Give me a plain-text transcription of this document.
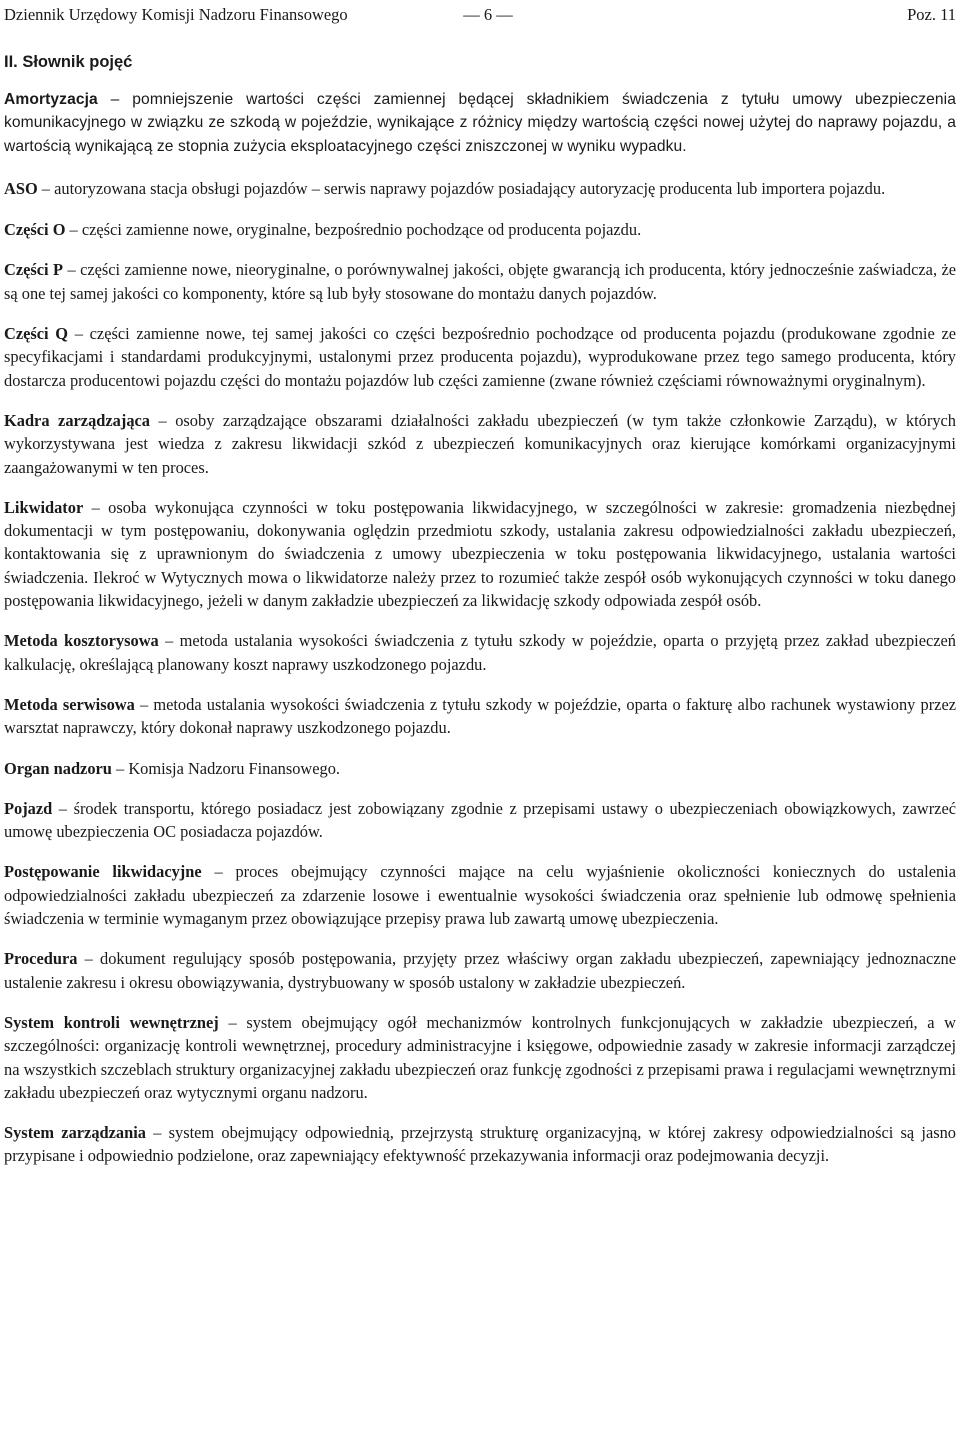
Dziennik Urzędowy Komisji Nadzoru Finansowego	— 6 —	Poz. 11
II. Słownik pojęć

Amortyzacja – pomniejszenie wartości części zamiennej będącej składnikiem świadczenia z tytułu umowy ubezpieczenia komunikacyjnego w związku ze szkodą w pojeździe, wynikające z różnicy między wartością części nowej użytej do naprawy pojazdu, a wartością wynikającą ze stopnia zużycia eksploatacyjnego części zniszczonej w wyniku wypadku.

ASO – autoryzowana stacja obsługi pojazdów – serwis naprawy pojazdów posiadający autoryzację producenta lub importera pojazdu.

Części O – części zamienne nowe, oryginalne, bezpośrednio pochodzące od producenta pojazdu.

Części P – części zamienne nowe, nieoryginalne, o porównywalnej jakości, objęte gwarancją ich producenta, który jednocześnie zaświadcza, że są one tej samej jakości co komponenty, które są lub były stosowane do montażu danych pojazdów.

Części Q – części zamienne nowe, tej samej jakości co części bezpośrednio pochodzące od producenta pojazdu (produkowane zgodnie ze specyfikacjami i standardami produkcyjnymi, ustalonymi przez producenta pojazdu), wyprodukowane przez tego samego producenta, który dostarcza producentowi pojazdu części do montażu pojazdów lub części zamienne (zwane również częściami równoważnymi oryginalnym).

Kadra zarządzająca – osoby zarządzające obszarami działalności zakładu ubezpieczeń (w tym także członkowie Zarządu), w których wykorzystywana jest wiedza z zakresu likwidacji szkód z ubezpieczeń komunikacyjnych oraz kierujące komórkami organizacyjnymi zaangażowanymi w ten proces.

Likwidator – osoba wykonująca czynności w toku postępowania likwidacyjnego, w szczególności w zakresie: gromadzenia niezbędnej dokumentacji w tym postępowaniu, dokonywania oględzin przedmiotu szkody, ustalania zakresu odpowiedzialności zakładu ubezpieczeń, kontaktowania się z uprawnionym do świadczenia z umowy ubezpieczenia w toku postępowania likwidacyjnego, ustalania wartości świadczenia. Ilekroć w Wytycznych mowa o likwidatorze należy przez to rozumieć także zespół osób wykonujących czynności w toku danego postępowania likwidacyjnego, jeżeli w danym zakładzie ubezpieczeń za likwidację szkody odpowiada zespół osób.

Metoda kosztorysowa – metoda ustalania wysokości świadczenia z tytułu szkody w pojeździe, oparta o przyjętą przez zakład ubezpieczeń kalkulację, określającą planowany koszt naprawy uszkodzonego pojazdu.

Metoda serwisowa – metoda ustalania wysokości świadczenia z tytułu szkody w pojeździe, oparta o fakturę albo rachunek wystawiony przez warsztat naprawczy, który dokonał naprawy uszkodzonego pojazdu.

Organ nadzoru – Komisja Nadzoru Finansowego.

Pojazd – środek transportu, którego posiadacz jest zobowiązany zgodnie z przepisami ustawy o ubezpieczeniach obowiązkowych, zawrzeć umowę ubezpieczenia OC posiadacza pojazdów.

Postępowanie likwidacyjne – proces obejmujący czynności mające na celu wyjaśnienie okoliczności koniecznych do ustalenia odpowiedzialności zakładu ubezpieczeń za zdarzenie losowe i ewentualnie wysokości świadczenia oraz spełnienie lub odmowę spełnienia świadczenia w terminie wymaganym przez obowiązujące przepisy prawa lub zawartą umowę ubezpieczenia.

Procedura – dokument regulujący sposób postępowania, przyjęty przez właściwy organ zakładu ubezpieczeń, zapewniający jednoznaczne ustalenie zakresu i okresu obowiązywania, dystrybuowany w sposób ustalony w zakładzie ubezpieczeń.

System kontroli wewnętrznej – system obejmujący ogół mechanizmów kontrolnych funkcjonujących w zakładzie ubezpieczeń, a w szczególności: organizację kontroli wewnętrznej, procedury administracyjne i księgowe, odpowiednie zasady w zakresie informacji zarządczej na wszystkich szczeblach struktury organizacyjnej zakładu ubezpieczeń oraz funkcję zgodności z przepisami prawa i regulacjami wewnętrznymi zakładu ubezpieczeń oraz wytycznymi organu nadzoru.

System zarządzania – system obejmujący odpowiednią, przejrzystą strukturę organizacyjną, w której zakresy odpowiedzialności są jasno przypisane i odpowiednio podzielone, oraz zapewniający efektywność przekazywania informacji oraz podejmowania decyzji.
